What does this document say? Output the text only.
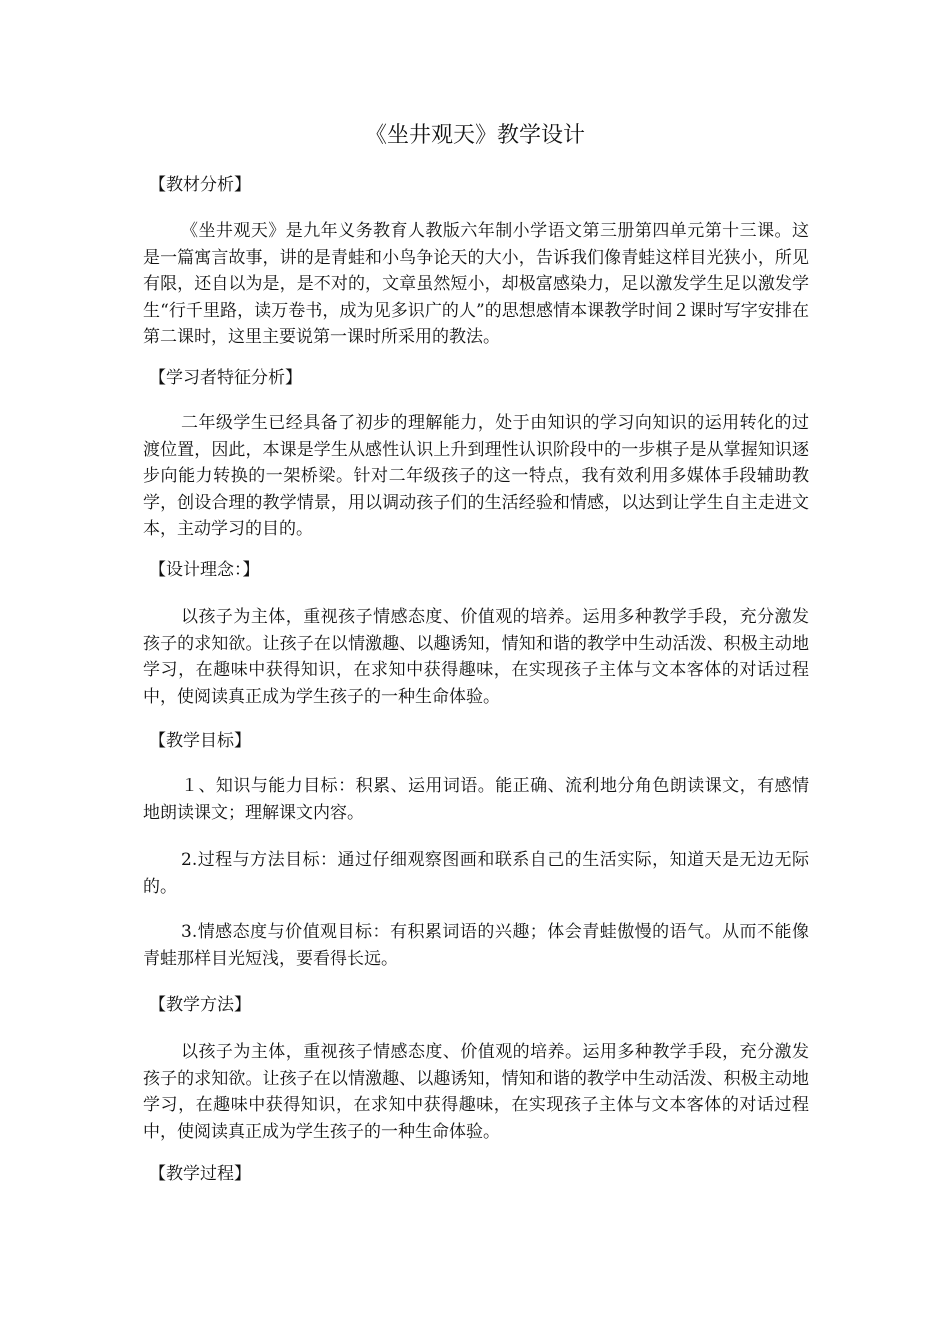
《坐井观天》教学设计
【教材分析】
《坐井观天》是九年义务教育人教版六年制小学语文第三册第四单元第十三课。这是一篇寓言故事，讲的是青蛙和小鸟争论天的大小，告诉我们像青蛙这样目光狭小，所见有限，还自以为是，是不对的，文章虽然短小，却极富感染力，足以激发学生足以激发学生“行千里路，读万卷书，成为见多识广的人”的思想感情本课教学时间２课时写字安排在第二课时，这里主要说第一课时所采用的教法。
【学习者特征分析】
二年级学生已经具备了初步的理解能力，处于由知识的学习向知识的运用转化的过渡位置，因此，本课是学生从感性认识上升到理性认识阶段中的一步棋子是从掌握知识逐步向能力转换的一架桥梁。针对二年级孩子的这一特点，我有效利用多媒体手段辅助教学，创设合理的教学情景，用以调动孩子们的生活经验和情感，以达到让学生自主走进文本，主动学习的目的。
【设计理念：】
以孩子为主体，重视孩子情感态度、价值观的培养。运用多种教学手段，充分激发孩子的求知欲。让孩子在以情激趣、以趣诱知，情知和谐的教学中生动活泼、积极主动地学习，在趣味中获得知识，在求知中获得趣味，在实现孩子主体与文本客体的对话过程中，使阅读真正成为学生孩子的一种生命体验。
【教学目标】
１、知识与能力目标：积累、运用词语。能正确、流利地分角色朗读课文，有感情地朗读课文；理解课文内容。
2.过程与方法目标：通过仔细观察图画和联系自己的生活实际，知道天是无边无际的。
3.情感态度与价值观目标：有积累词语的兴趣；体会青蛙傲慢的语气。从而不能像青蛙那样目光短浅，要看得长远。
【教学方法】
以孩子为主体，重视孩子情感态度、价值观的培养。运用多种教学手段，充分激发孩子的求知欲。让孩子在以情激趣、以趣诱知，情知和谐的教学中生动活泼、积极主动地学习，在趣味中获得知识，在求知中获得趣味，在实现孩子主体与文本客体的对话过程中，使阅读真正成为学生孩子的一种生命体验。
【教学过程】
